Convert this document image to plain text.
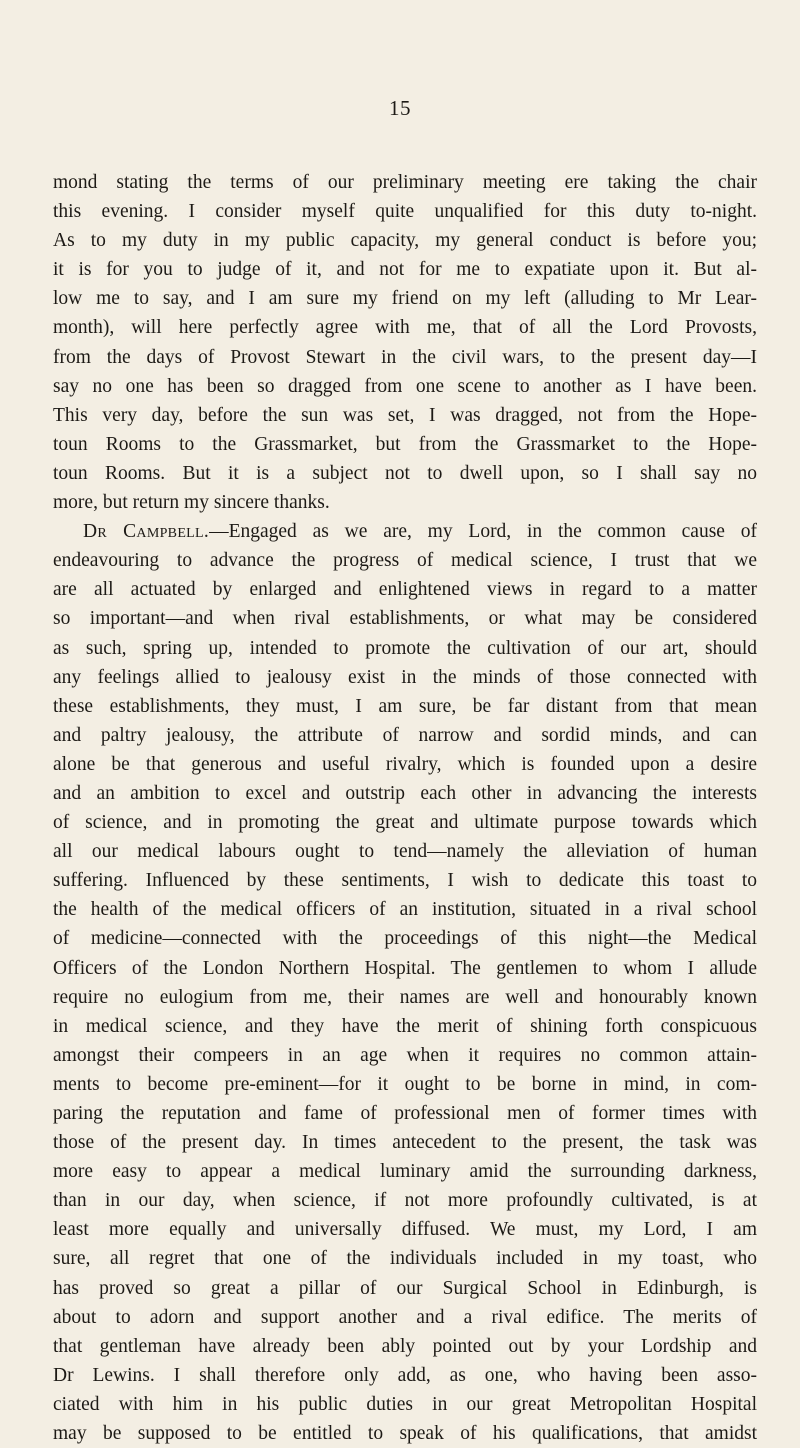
15
mond stating the terms of our preliminary meeting ere taking the chair
this evening. I consider myself quite unqualified for this duty to-night.
As to my duty in my public capacity, my general conduct is before you;
it is for you to judge of it, and not for me to expatiate upon it. But al-
low me to say, and I am sure my friend on my left (alluding to Mr Lear-
month), will here perfectly agree with me, that of all the Lord Provosts,
from the days of Provost Stewart in the civil wars, to the present day—I
say no one has been so dragged from one scene to another as I have been.
This very day, before the sun was set, I was dragged, not from the Hope-
toun Rooms to the Grassmarket, but from the Grassmarket to the Hope-
toun Rooms. But it is a subject not to dwell upon, so I shall say no
more, but return my sincere thanks.
Dr Campbell.—Engaged as we are, my Lord, in the common cause of
endeavouring to advance the progress of medical science, I trust that we
are all actuated by enlarged and enlightened views in regard to a matter
so important—and when rival establishments, or what may be considered
as such, spring up, intended to promote the cultivation of our art, should
any feelings allied to jealousy exist in the minds of those connected with
these establishments, they must, I am sure, be far distant from that mean
and paltry jealousy, the attribute of narrow and sordid minds, and can
alone be that generous and useful rivalry, which is founded upon a desire
and an ambition to excel and outstrip each other in advancing the interests
of science, and in promoting the great and ultimate purpose towards which
all our medical labours ought to tend—namely the alleviation of human
suffering. Influenced by these sentiments, I wish to dedicate this toast to
the health of the medical officers of an institution, situated in a rival school
of medicine—connected with the proceedings of this night—the Medical
Officers of the London Northern Hospital. The gentlemen to whom I allude
require no eulogium from me, their names are well and honourably known
in medical science, and they have the merit of shining forth conspicuous
amongst their compeers in an age when it requires no common attain-
ments to become pre-eminent—for it ought to be borne in mind, in com-
paring the reputation and fame of professional men of former times with
those of the present day. In times antecedent to the present, the task was
more easy to appear a medical luminary amid the surrounding darkness,
than in our day, when science, if not more profoundly cultivated, is at
least more equally and universally diffused. We must, my Lord, I am
sure, all regret that one of the individuals included in my toast, who
has proved so great a pillar of our Surgical School in Edinburgh, is
about to adorn and support another and a rival edifice. The merits of
that gentleman have already been ably pointed out by your Lordship and
Dr Lewins. I shall therefore only add, as one, who having been asso-
ciated with him in his public duties in our great Metropolitan Hospital
may be supposed to be entitled to speak of his qualifications, that amidst
